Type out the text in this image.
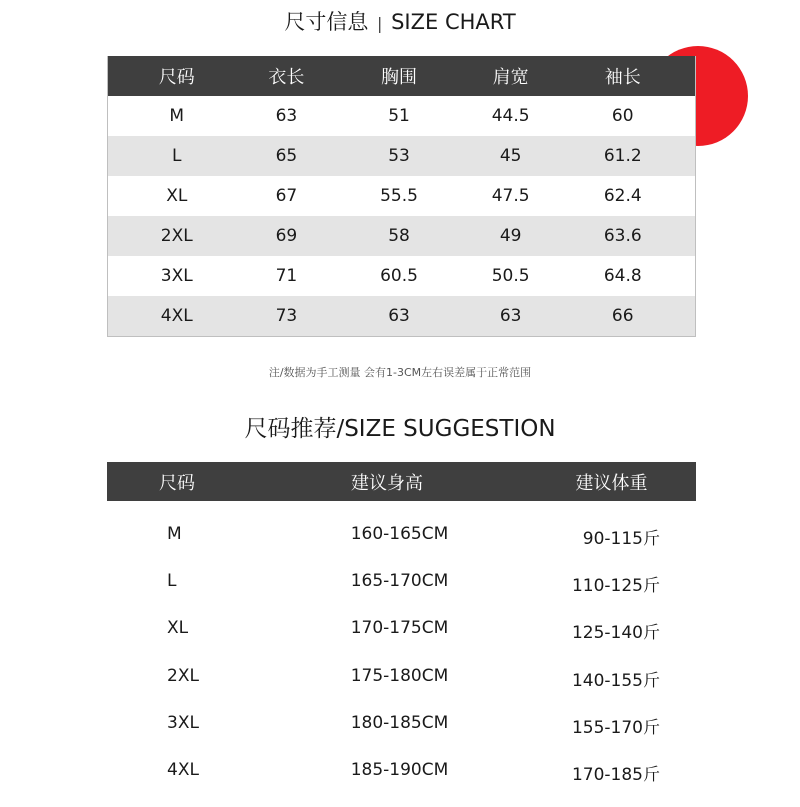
尺寸信息 | SIZE CHART
尺码	衣长	胸围	肩宽	袖长
M	63	51	44.5	60
L	65	53	45	61.2
XL	67	55.5	47.5	62.4
2XL	69	58	49	63.6
3XL	71	60.5	50.5	64.8
4XL	73	63	63	66
注/数据为手工测量 会有1-3CM左右误差属于正常范围
尺码推荐/SIZE SUGGESTION
尺码	建议身高	建议体重
M	160-165CM	90-115斤
L	165-170CM	110-125斤
XL	170-175CM	125-140斤
2XL	175-180CM	140-155斤
3XL	180-185CM	155-170斤
4XL	185-190CM	170-185斤
